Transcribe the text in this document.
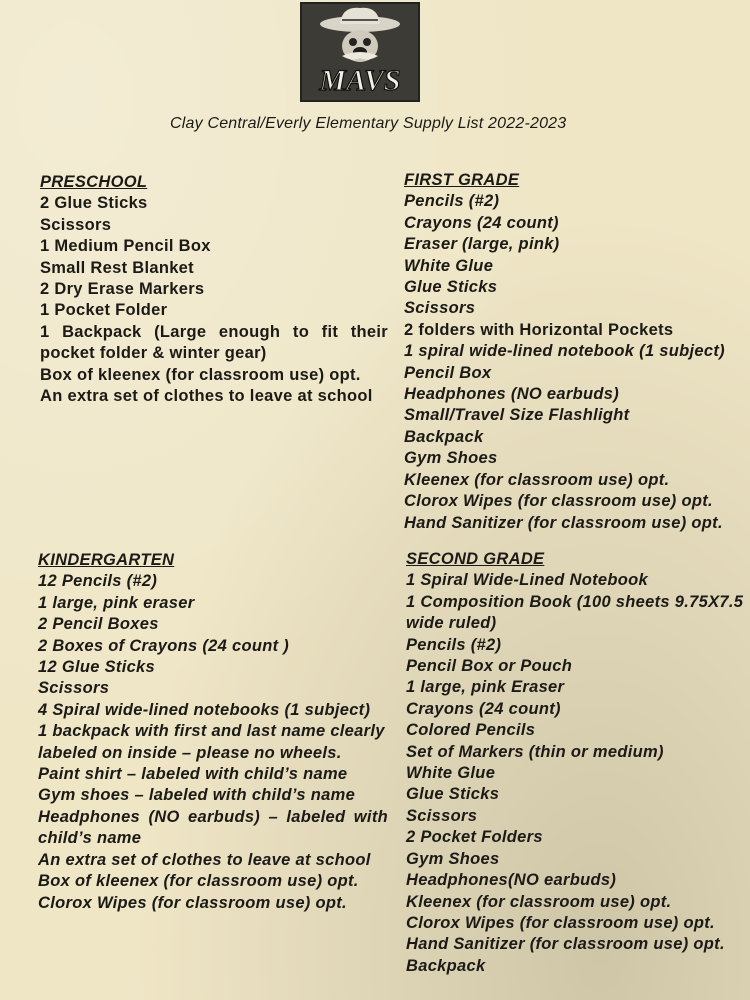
MAVS
Clay Central/Everly Elementary Supply List 2022-2023
PRESCHOOL
2 Glue Sticks
Scissors
1 Medium Pencil Box
Small Rest Blanket
2 Dry Erase Markers
1 Pocket Folder
1 Backpack (Large enough to fit their pocket folder & winter gear)
Box of kleenex (for classroom use) opt.
An extra set of clothes to leave at school
FIRST GRADE
Pencils (#2)
Crayons (24 count)
Eraser (large, pink)
White Glue
Glue Sticks
Scissors
2 folders with Horizontal Pockets
1 spiral wide-lined notebook (1 subject)
Pencil Box
Headphones (NO earbuds)
Small/Travel Size Flashlight
Backpack
Gym Shoes
Kleenex (for classroom use) opt.
Clorox Wipes (for classroom use) opt.
Hand Sanitizer (for classroom use) opt.
KINDERGARTEN
12 Pencils (#2)
1 large, pink eraser
2 Pencil Boxes
2 Boxes of Crayons (24 count )
12 Glue Sticks
Scissors
4 Spiral wide-lined notebooks (1 subject)
1 backpack with first and last name clearly labeled on inside – please no wheels.
Paint shirt – labeled with child’s name
Gym shoes – labeled with child’s name
Headphones (NO earbuds) – labeled with child’s name
An extra set of clothes to leave at school
Box of kleenex (for classroom use) opt.
Clorox Wipes (for classroom use) opt.
SECOND GRADE
1 Spiral Wide-Lined Notebook
1 Composition Book (100 sheets 9.75X7.5 wide ruled)
Pencils (#2)
Pencil Box or Pouch
1 large, pink Eraser
Crayons (24 count)
Colored Pencils
Set of Markers (thin or medium)
White Glue
Glue Sticks
Scissors
2 Pocket Folders
Gym Shoes
Headphones(NO earbuds)
Kleenex (for classroom use) opt.
Clorox Wipes (for classroom use) opt.
Hand Sanitizer (for classroom use) opt.
Backpack
